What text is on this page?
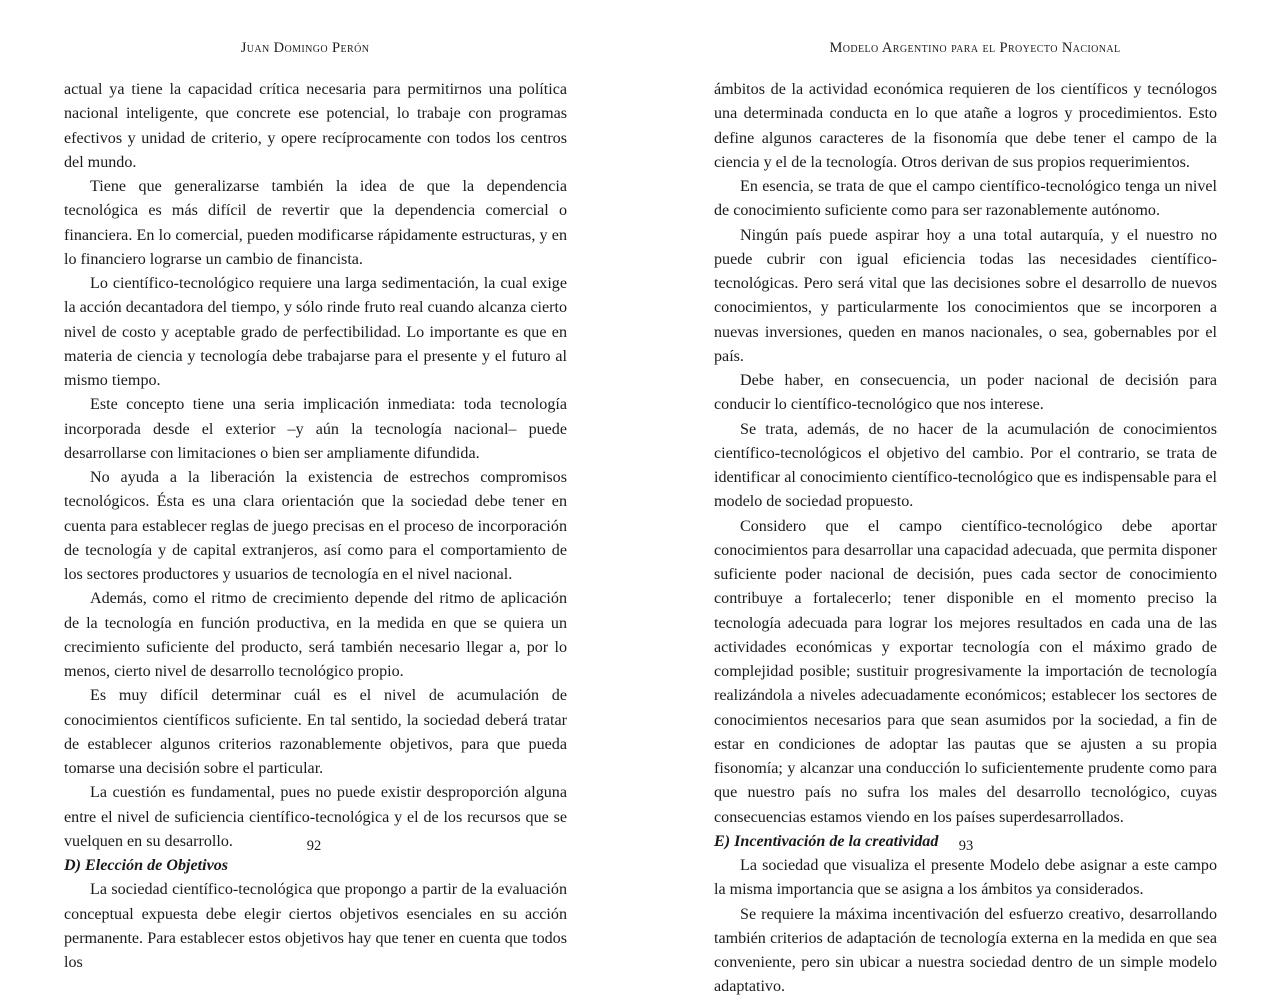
Juan Domingo Perón

actual ya tiene la capacidad crítica necesaria para permitirnos una política nacional inteligente, que concrete ese potencial, lo trabaje con programas efectivos y unidad de criterio, y opere recíprocamente con todos los centros del mundo.

Tiene que generalizarse también la idea de que la dependencia tecnológica es más difícil de revertir que la dependencia comercial o financiera. En lo comercial, pueden modificarse rápidamente estructuras, y en lo financiero lograrse un cambio de financista.

Lo científico-tecnológico requiere una larga sedimentación, la cual exige la acción decantadora del tiempo, y sólo rinde fruto real cuando alcanza cierto nivel de costo y aceptable grado de perfectibilidad. Lo importante es que en materia de ciencia y tecnología debe trabajarse para el presente y el futuro al mismo tiempo.

Este concepto tiene una seria implicación inmediata: toda tecnología incorporada desde el exterior –y aún la tecnología nacional– puede desarrollarse con limitaciones o bien ser ampliamente difundida.

No ayuda a la liberación la existencia de estrechos compromisos tecnológicos. Ésta es una clara orientación que la sociedad debe tener en cuenta para establecer reglas de juego precisas en el proceso de incorporación de tecnología y de capital extranjeros, así como para el comportamiento de los sectores productores y usuarios de tecnología en el nivel nacional.

Además, como el ritmo de crecimiento depende del ritmo de aplicación de la tecnología en función productiva, en la medida en que se quiera un crecimiento suficiente del producto, será también necesario llegar a, por lo menos, cierto nivel de desarrollo tecnológico propio.

Es muy difícil determinar cuál es el nivel de acumulación de conocimientos científicos suficiente. En tal sentido, la sociedad deberá tratar de establecer algunos criterios razonablemente objetivos, para que pueda tomarse una decisión sobre el particular.

La cuestión es fundamental, pues no puede existir desproporción alguna entre el nivel de suficiencia científico-tecnológica y el de los recursos que se vuelquen en su desarrollo.

D) Elección de Objetivos

La sociedad científico-tecnológica que propongo a partir de la evaluación conceptual expuesta debe elegir ciertos objetivos esenciales en su acción permanente. Para establecer estos objetivos hay que tener en cuenta que todos los

92
Modelo Argentino para el Proyecto Nacional

ámbitos de la actividad económica requieren de los científicos y tecnólogos una determinada conducta en lo que atañe a logros y procedimientos. Esto define algunos caracteres de la fisonomía que debe tener el campo de la ciencia y el de la tecnología. Otros derivan de sus propios requerimientos.

En esencia, se trata de que el campo científico-tecnológico tenga un nivel de conocimiento suficiente como para ser razonablemente autónomo.

Ningún país puede aspirar hoy a una total autarquía, y el nuestro no puede cubrir con igual eficiencia todas las necesidades científico-tecnológicas. Pero será vital que las decisiones sobre el desarrollo de nuevos conocimientos, y particularmente los conocimientos que se incorporen a nuevas inversiones, queden en manos nacionales, o sea, gobernables por el país.

Debe haber, en consecuencia, un poder nacional de decisión para conducir lo científico-tecnológico que nos interese.

Se trata, además, de no hacer de la acumulación de conocimientos científico-tecnológicos el objetivo del cambio. Por el contrario, se trata de identificar al conocimiento científico-tecnológico que es indispensable para el modelo de sociedad propuesto.

Considero que el campo científico-tecnológico debe aportar conocimientos para desarrollar una capacidad adecuada, que permita disponer suficiente poder nacional de decisión, pues cada sector de conocimiento contribuye a fortalecerlo; tener disponible en el momento preciso la tecnología adecuada para lograr los mejores resultados en cada una de las actividades económicas y exportar tecnología con el máximo grado de complejidad posible; sustituir progresivamente la importación de tecnología realizándola a niveles adecuadamente económicos; establecer los sectores de conocimientos necesarios para que sean asumidos por la sociedad, a fin de estar en condiciones de adoptar las pautas que se ajusten a su propia fisonomía; y alcanzar una conducción lo suficientemente prudente como para que nuestro país no sufra los males del desarrollo tecnológico, cuyas consecuencias estamos viendo en los países superdesarrollados.

E) Incentivación de la creatividad

La sociedad que visualiza el presente Modelo debe asignar a este campo la misma importancia que se asigna a los ámbitos ya considerados.

Se requiere la máxima incentivación del esfuerzo creativo, desarrollando también criterios de adaptación de tecnología externa en la medida en que sea conveniente, pero sin ubicar a nuestra sociedad dentro de un simple modelo adaptativo.

93
